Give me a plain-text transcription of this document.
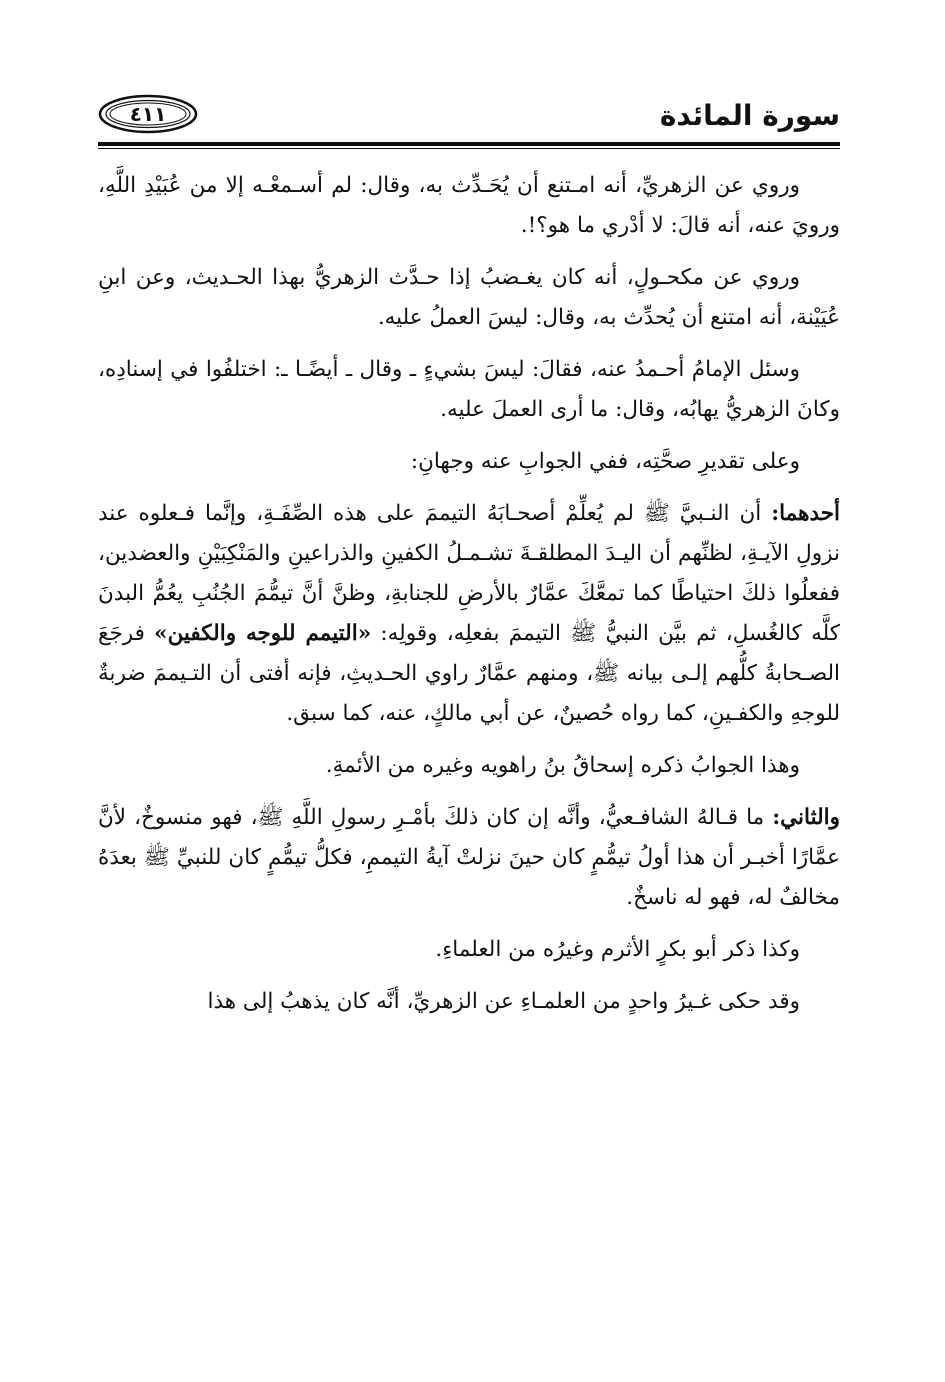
سورة المائدة
٤١١

وروي عن الزهريِّ، أنه امـتنع أن يُحَـدِّث به، وقال: لم أسـمعْـه إلا من عُبَيْدِ اللَّهِ، ورويَ عنه، أنه قالَ: لا أدْري ما هو؟!.

وروي عن مكحـولٍ، أنه كان يغـضبُ إذا حـدَّث الزهريُّ بهذا الحـديث، وعن ابنِ عُيَيْنة، أنه امتنع أن يُحدِّث به، وقال: ليسَ العملُ عليه.

وسئل الإمامُ أحـمدُ عنه، فقالَ: ليسَ بشيءٍ ـ وقال ـ أيضًـا ـ: اختلفُوا في إسنادِه، وكانَ الزهريُّ يهابُه، وقال: ما أرى العملَ عليه.

وعلى تقديرِ صحَّتِه، ففي الجوابِ عنه وجهانِ:

أحدهما: أن النـبيَّ ﷺ لم يُعلِّمْ أصحـابَهُ التيممَ على هذه الصِّفَـةِ، وإنَّما فـعلوه عند نزولِ الآيـةِ، لظنِّهم أن اليـدَ المطلقـةَ تشـمـلُ الكفينِ والذراعينِ والمَنْكِبَيْنِ والعضدين، ففعلُوا ذلكَ احتياطًا كما تمعَّكَ عمَّارٌ بالأرضِ للجنابةِ، وظنَّ أنَّ تيمُّمَ الجُنُبِ يعُمُّ البدنَ كلَّه كالغُسلِ، ثم بيَّن النبيُّ ﷺ التيممَ بفعلِه، وقولِه: «التيمم للوجه والكفين» فرجَعَ الصـحابةُ كلُّهم إلـى بيانه ﷺ، ومنهم عمَّارٌ راوي الحـديثِ، فإنه أفتى أن التـيممَ ضربةٌ للوجهِ والكفـينِ، كما رواه حُصينٌ، عن أبي مالكٍ، عنه، كما سبق.

وهذا الجوابُ ذكره إسحاقُ بنُ راهويه وغيره من الأئمةِ.

والثاني: ما قـالهُ الشافـعيُّ، وأنَّه إن كان ذلكَ بأمْـرِ رسولِ اللَّهِ ﷺ، فهو منسوخٌ، لأنَّ عمَّارًا أخبـر أن هذا أولُ تيمُّمٍ كان حينَ نزلتْ آيةُ التيممِ، فكلُّ تيمُّمٍ كان للنبيِّ ﷺ بعدَهُ مخالفٌ له، فهو له ناسخٌ.

وكذا ذكر أبو بكرٍ الأثرم وغيرُه من العلماءِ.

وقد حكى غـيرُ واحدٍ من العلمـاءِ عن الزهريِّ، أنَّه كان يذهبُ إلى هذا
